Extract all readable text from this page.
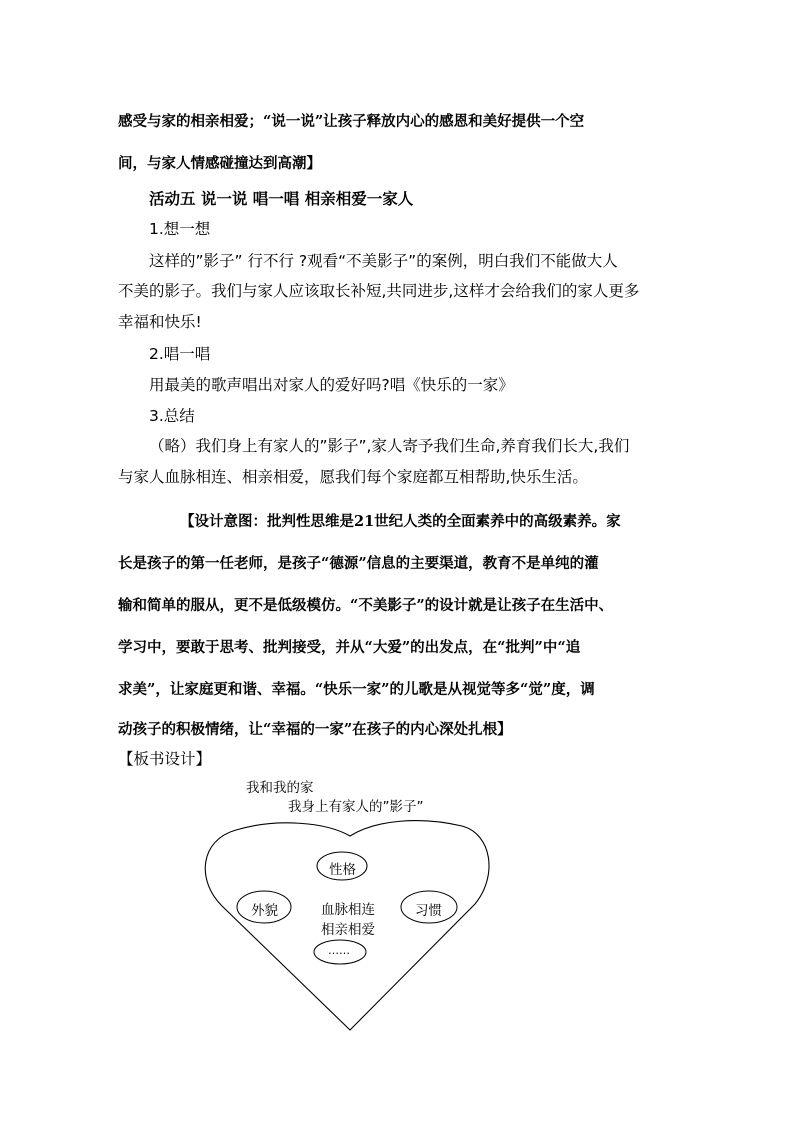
感受与家的相亲相爱；“说一说”让孩子释放内心的感恩和美好提供一个空
间，与家人情感碰撞达到高潮】
活动五 说一说 唱一唱 相亲相爱一家人
1.想一想
这样的”影子” 行不行 ?观看“不美影子”的案例，明白我们不能做大人
不美的影子。我们与家人应该取长补短,共同进步,这样才会给我们的家人更多
幸福和快乐!
2.唱一唱
用最美的歌声唱出对家人的爱好吗?唱《快乐的一家》
3.总结
（略）我们身上有家人的”影子”,家人寄予我们生命,养育我们长大,我们
与家人血脉相连、相亲相爱，愿我们每个家庭都互相帮助,快乐生活。
【设计意图：批判性思维是21世纪人类的全面素养中的高级素养。家
长是孩子的第一任老师，是孩子“德源”信息的主要渠道，教育不是单纯的灌
输和简单的服从，更不是低级模仿。“不美影子”的设计就是让孩子在生活中、
学习中，要敢于思考、批判接受，并从“大爱”的出发点，在“批判”中“追
求美”，让家庭更和谐、幸福。“快乐一家”的儿歌是从视觉等多“觉”度，调
动孩子的积极情绪，让“幸福的一家”在孩子的内心深处扎根】
【板书设计】
我和我的家
我身上有家人的”影子”
性格
外貌	习惯
血脉相连
相亲相爱
……
